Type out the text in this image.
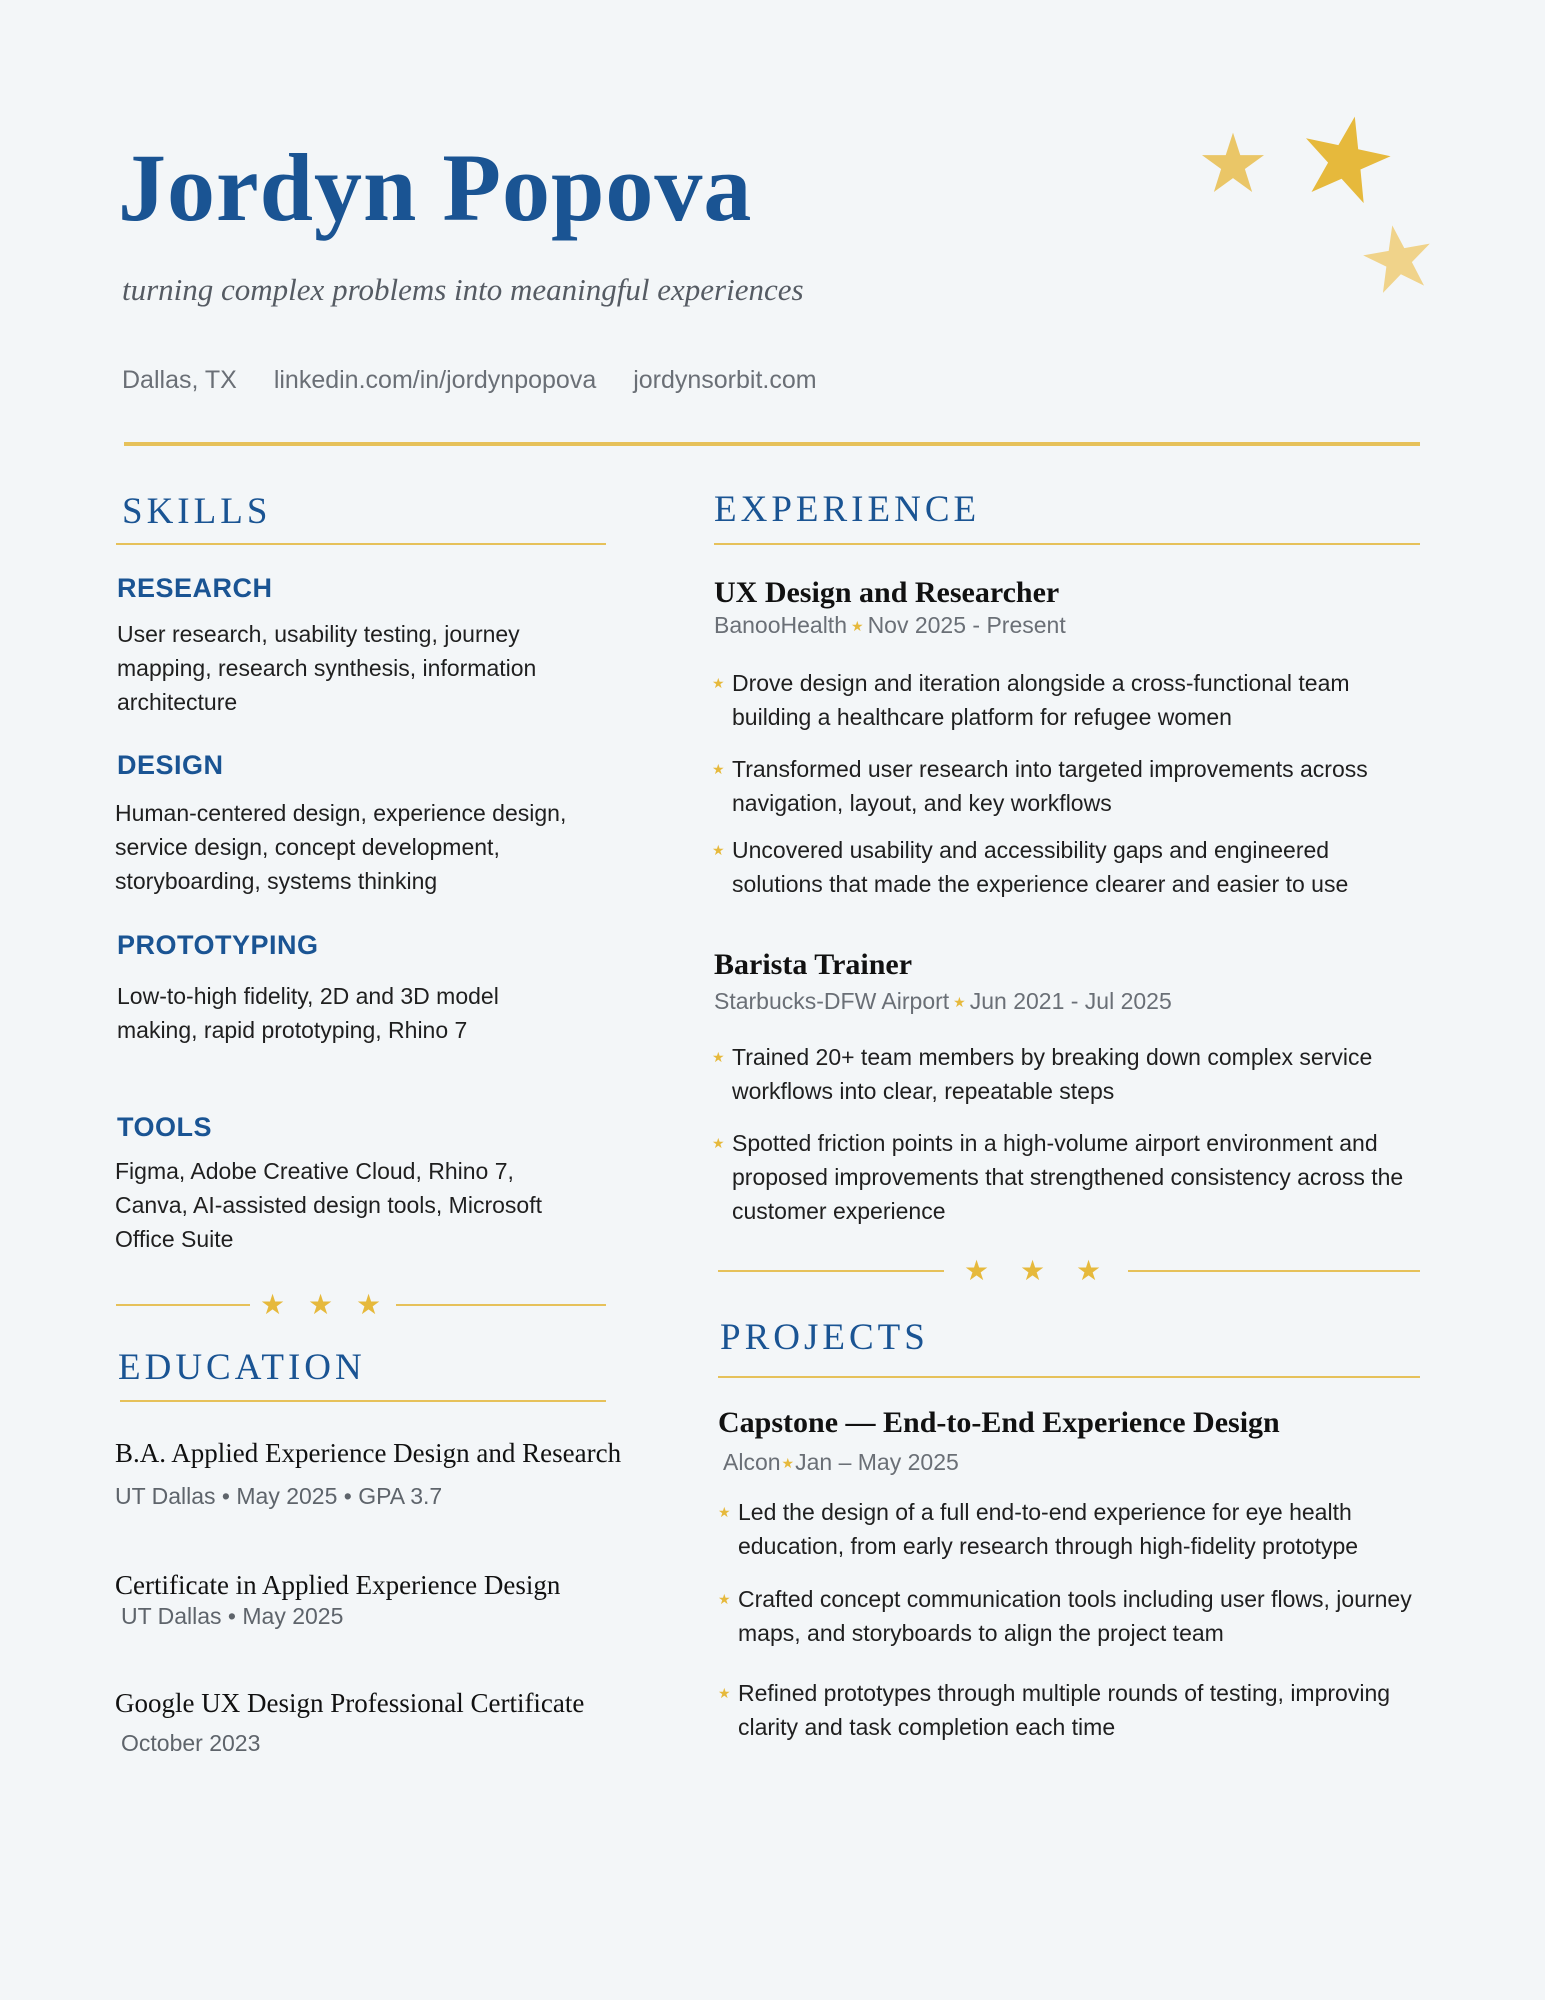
Jordyn Popova
turning complex problems into meaningful experiences
Dallas, TX linkedin.com/in/jordynpopova jordynsorbit.com
SKILLS
RESEARCH
User research, usability testing, journey mapping, research synthesis, information architecture
DESIGN
Human-centered design, experience design, service design, concept development, storyboarding, systems thinking
PROTOTYPING
Low-to-high fidelity, 2D and 3D model making, rapid prototyping, Rhino 7
TOOLS
Figma, Adobe Creative Cloud, Rhino 7, Canva, AI-assisted design tools, Microsoft Office Suite
★ ★ ★
EDUCATION
B.A. Applied Experience Design and Research
UT Dallas • May 2025 • GPA 3.7
Certificate in Applied Experience Design
UT Dallas • May 2025
Google UX Design Professional Certificate
October 2023
EXPERIENCE
UX Design and Researcher
BanooHealth ★ Nov 2025 - Present
★ Drove design and iteration alongside a cross-functional team building a healthcare platform for refugee women
★ Transformed user research into targeted improvements across navigation, layout, and key workflows
★ Uncovered usability and accessibility gaps and engineered solutions that made the experience clearer and easier to use
Barista Trainer
Starbucks-DFW Airport ★ Jun 2021 - Jul 2025
★ Trained 20+ team members by breaking down complex service workflows into clear, repeatable steps
★ Spotted friction points in a high-volume airport environment and proposed improvements that strengthened consistency across the customer experience
★ ★ ★
PROJECTS
Capstone — End-to-End Experience Design
Alcon★Jan – May 2025
★ Led the design of a full end-to-end experience for eye health education, from early research through high-fidelity prototype
★ Crafted concept communication tools including user flows, journey maps, and storyboards to align the project team
★ Refined prototypes through multiple rounds of testing, improving clarity and task completion each time
